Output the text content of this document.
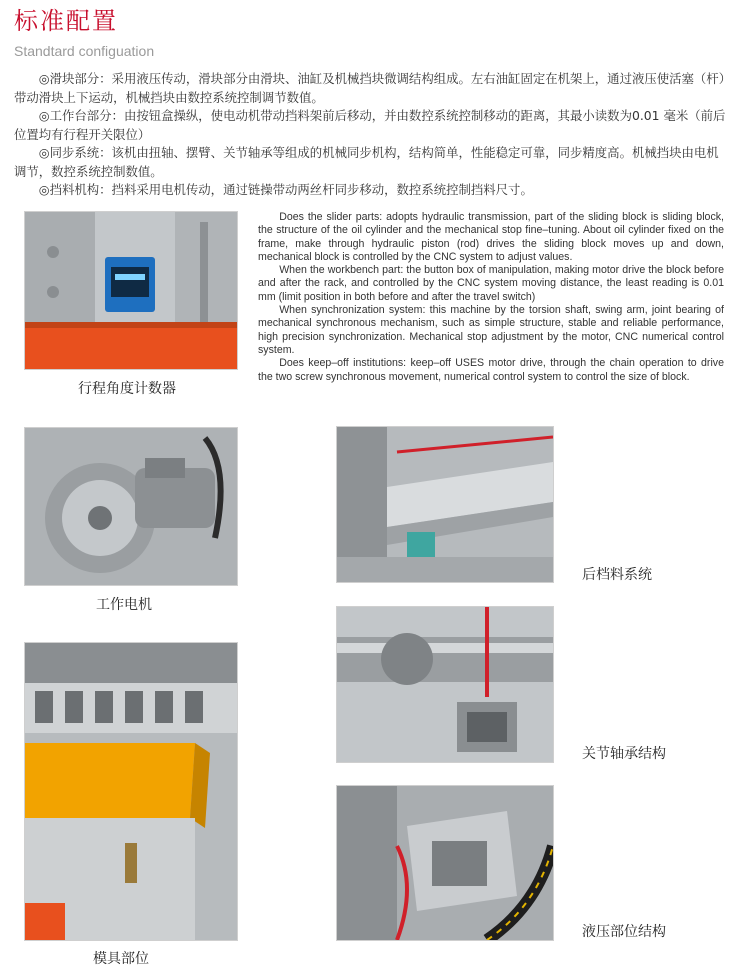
标准配置
Standtard configuation

◎滑块部分：采用液压传动，滑块部分由滑块、油缸及机械挡块微调结构组成。左右油缸固定在机架上，通过液压使活塞（杆）带动滑块上下运动，机械挡块由数控系统控制调节数值。

◎工作台部分：由按钮盒操纵，使电动机带动挡料架前后移动，并由数控系统控制移动的距离，其最小读数为0.01 毫米（前后位置均有行程开关限位）

◎同步系统：该机由扭轴、摆臂、关节轴承等组成的机械同步机构，结构简单，性能稳定可靠，同步精度高。机械挡块由电机调节，数控系统控制数值。

◎挡料机构：挡料采用电机传动，通过链操带动两丝杆同步移动，数控系统控制挡料尺寸。

行程角度计数器

Does the slider parts: adopts hydraulic transmission, part of the sliding block is sliding block, the structure of the oil cylinder and the mechanical stop fine–tuning. About oil cylinder fixed on the frame, make through hydraulic piston (rod) drives the sliding block moves up and down, mechanical block is controlled by the CNC system to adjust values.

When the workbench part: the button box of manipulation, making motor drive the block before and after the rack, and controlled by the CNC system moving distance, the least reading is 0.01 mm (limit position in both before and after the travel switch)

When synchronization system: this machine by the torsion shaft, swing arm, joint bearing of mechanical synchronous mechanism, such as simple structure, stable and reliable performance, high precision synchronization. Mechanical stop adjustment by the motor, CNC numerical control system.

Does keep–off institutions: keep–off USES motor drive, through the chain operation to drive the two screw synchronous movement, numerical control system to control the size of block.

工作电机
模具部位
后档料系统
关节轴承结构
液压部位结构
